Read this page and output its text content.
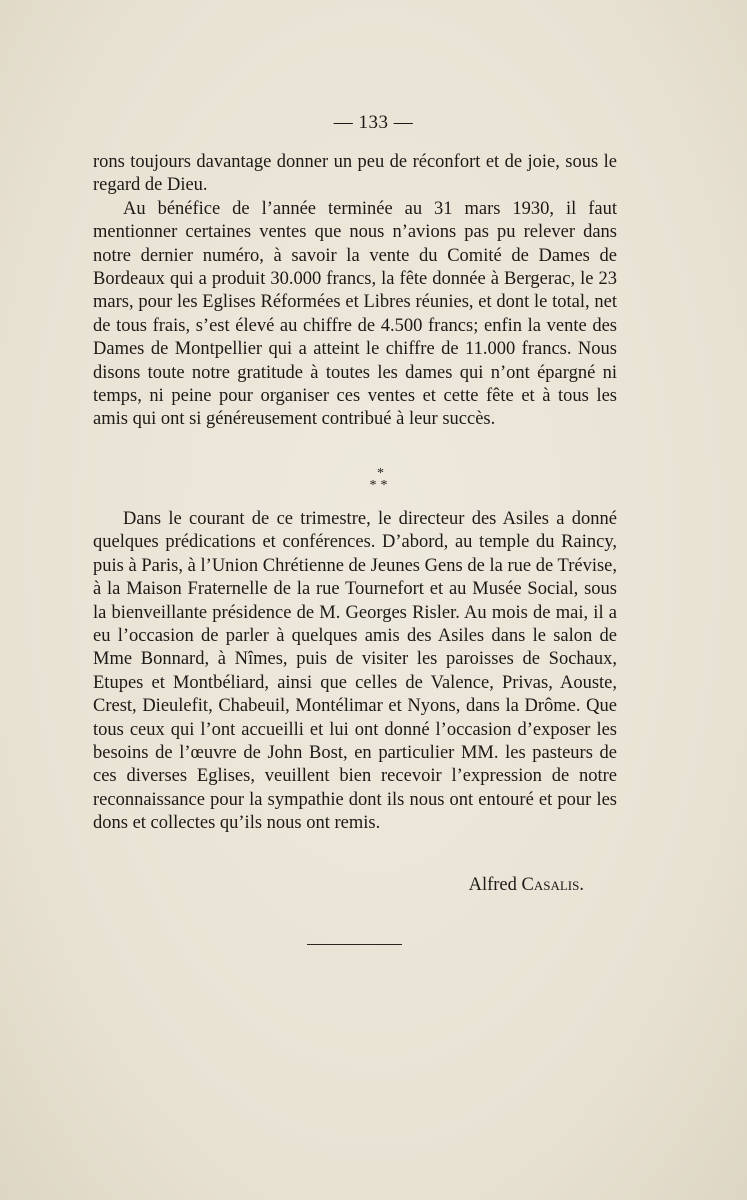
— 133 —

rons toujours davantage donner un peu de réconfort et de joie, sous le regard de Dieu.

Au bénéfice de l’année terminée au 31 mars 1930, il faut mentionner certaines ventes que nous n’avions pas pu relever dans notre dernier numéro, à savoir la vente du Comité de Dames de Bordeaux qui a produit 30.000 francs, la fête donnée à Bergerac, le 23 mars, pour les Eglises Réformées et Libres réunies, et dont le total, net de tous frais, s’est élevé au chiffre de 4.500 francs; enfin la vente des Dames de Montpellier qui a atteint le chiffre de 11.000 francs. Nous disons toute notre gratitude à toutes les dames qui n’ont épargné ni temps, ni peine pour organiser ces ventes et cette fête et à tous les amis qui ont si généreusement contribué à leur succès.

*
**

Dans le courant de ce trimestre, le directeur des Asiles a donné quelques prédications et conférences. D’abord, au temple du Raincy, puis à Paris, à l’Union Chrétienne de Jeunes Gens de la rue de Trévise, à la Maison Fraternelle de la rue Tournefort et au Musée Social, sous la bienveillante présidence de M. Georges Risler. Au mois de mai, il a eu l’occasion de parler à quelques amis des Asiles dans le salon de Mme Bonnard, à Nîmes, puis de visiter les paroisses de Sochaux, Etupes et Montbéliard, ainsi que celles de Valence, Privas, Aouste, Crest, Dieulefit, Chabeuil, Montélimar et Nyons, dans la Drôme. Que tous ceux qui l’ont accueilli et lui ont donné l’occasion d’exposer les besoins de l’œuvre de John Bost, en particulier MM. les pasteurs de ces diverses Eglises, veuillent bien recevoir l’expression de notre reconnaissance pour la sympathie dont ils nous ont entouré et pour les dons et collectes qu’ils nous ont remis.

Alfred Casalis.
